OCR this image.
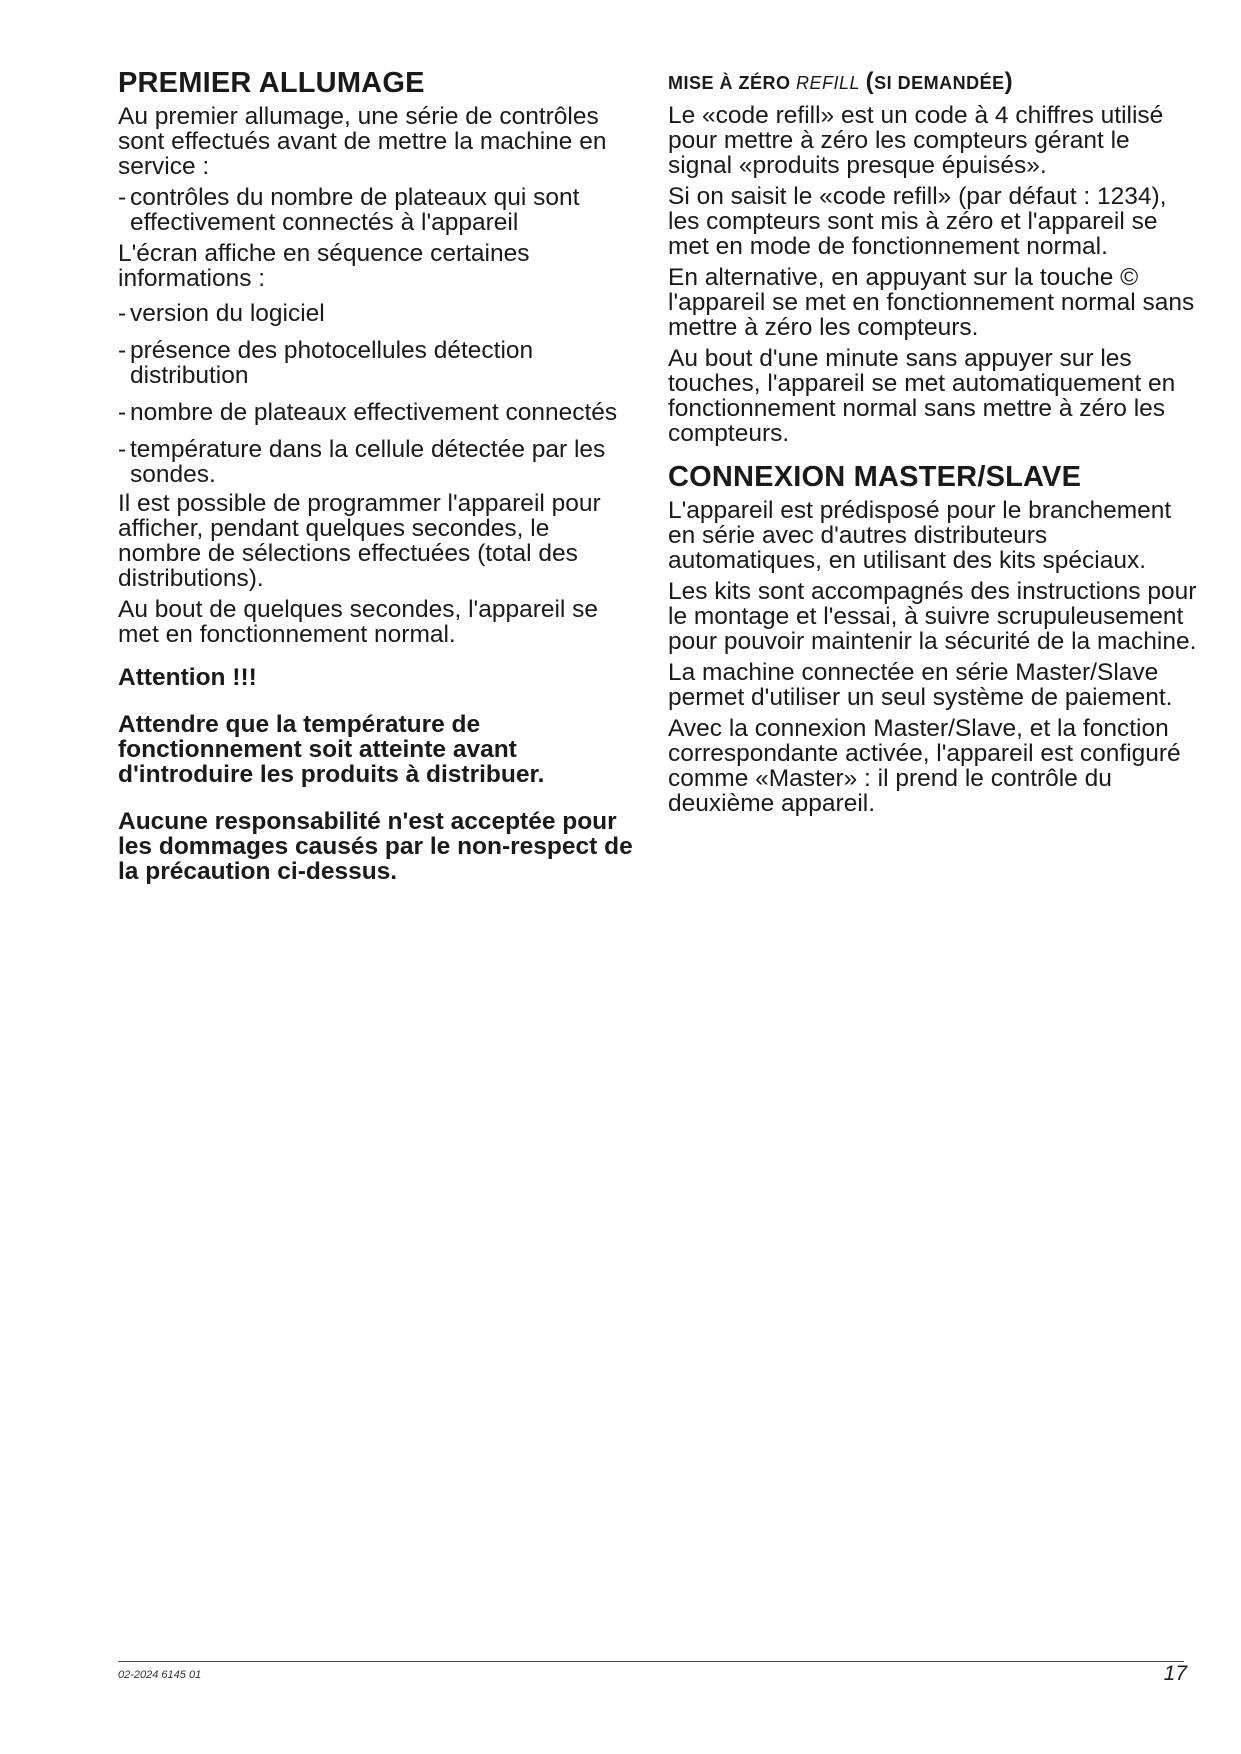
PREMIER ALLUMAGE

Au premier allumage, une série de contrôles sont effectués avant de mettre la machine en service :

- contrôles du nombre de plateaux qui sont effectivement connectés à l'appareil

L'écran affiche en séquence certaines informations :

- version du logiciel
- présence des photocellules détection distribution
- nombre de plateaux effectivement connectés
- température dans la cellule détectée par les sondes.

Il est possible de programmer l'appareil pour afficher, pendant quelques secondes, le nombre de sélections effectuées (total des distributions).

Au bout de quelques secondes, l'appareil se met en fonctionnement normal.

Attention !!!

Attendre que la température de fonctionnement soit atteinte avant d'introduire les produits à distribuer.

Aucune responsabilité n'est acceptée pour les dommages causés par le non-respect de la précaution ci-dessus.

MISE À ZÉRO REFILL (SI DEMANDÉE)

Le «code refill» est un code à 4 chiffres utilisé pour mettre à zéro les compteurs gérant le signal «produits presque épuisés».

Si on saisit le «code refill» (par défaut : 1234), les compteurs sont mis à zéro et l'appareil se met en mode de fonctionnement normal.

En alternative, en appuyant sur la touche © l'appareil se met en fonctionnement normal sans mettre à zéro les compteurs.

Au bout d'une minute sans appuyer sur les touches, l'appareil se met automatiquement en fonctionnement normal sans mettre à zéro les compteurs.

CONNEXION MASTER/SLAVE

L'appareil est prédisposé pour le branchement en série avec d'autres distributeurs automatiques, en utilisant des kits spéciaux.

Les kits sont accompagnés des instructions pour le montage et l'essai, à suivre scrupuleusement pour pouvoir maintenir la sécurité de la machine.

La machine connectée en série Master/Slave permet d'utiliser un seul système de paiement.

Avec la connexion Master/Slave, et la fonction correspondante activée, l'appareil est configuré comme «Master» : il prend le contrôle du    deuxième appareil.

02-2024 6145 01	17
